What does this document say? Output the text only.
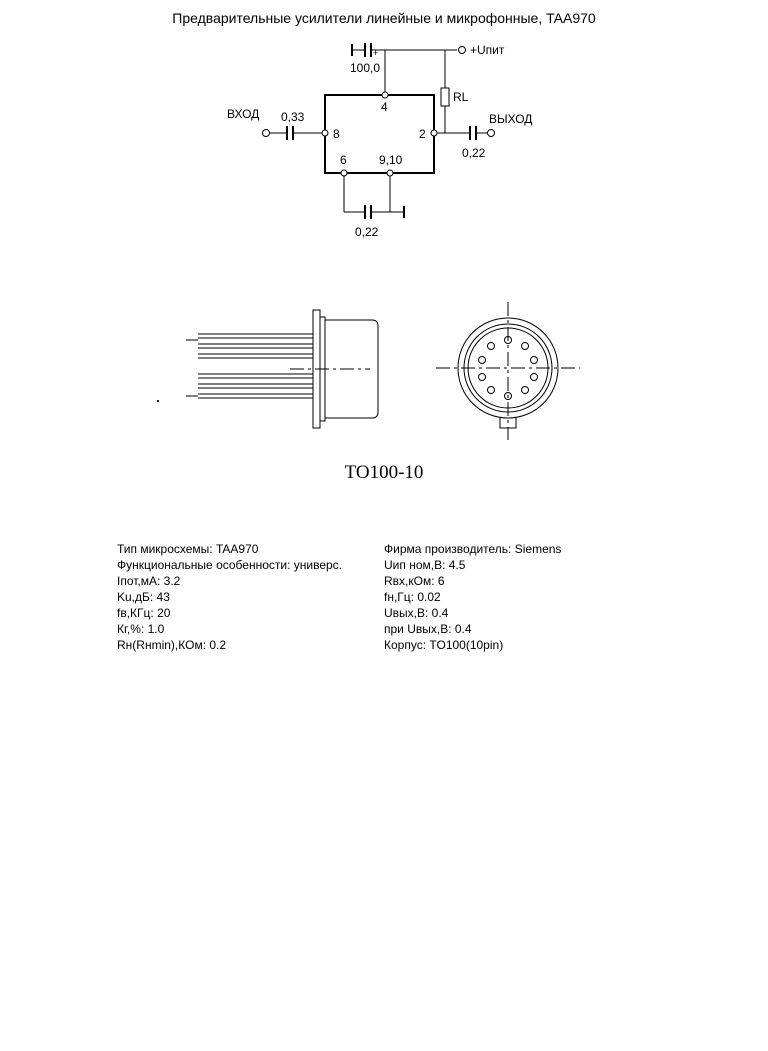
Предварительные усилители линейные и микрофонные, TAA970
+
100,0
+Uпит
RL
ВХОД 0,33	ВЫХОД
0,22
0,22
4
8	2
6	9,10
TO100-10
Тип микросхемы: TAA970
Функциональные особенности: универс.
Iпот,мА: 3.2
Ku,дБ: 43
fв,КГц: 20
Кг,%: 1.0
Rн(Rнmin),КОм: 0.2
Фирма производитель: Siemens
Uип ном,В: 4.5
Rвх,кОм: 6
fн,Гц: 0.02
Uвых,В: 0.4
при Uвых,В: 0.4
Корпус: TO100(10pin)
